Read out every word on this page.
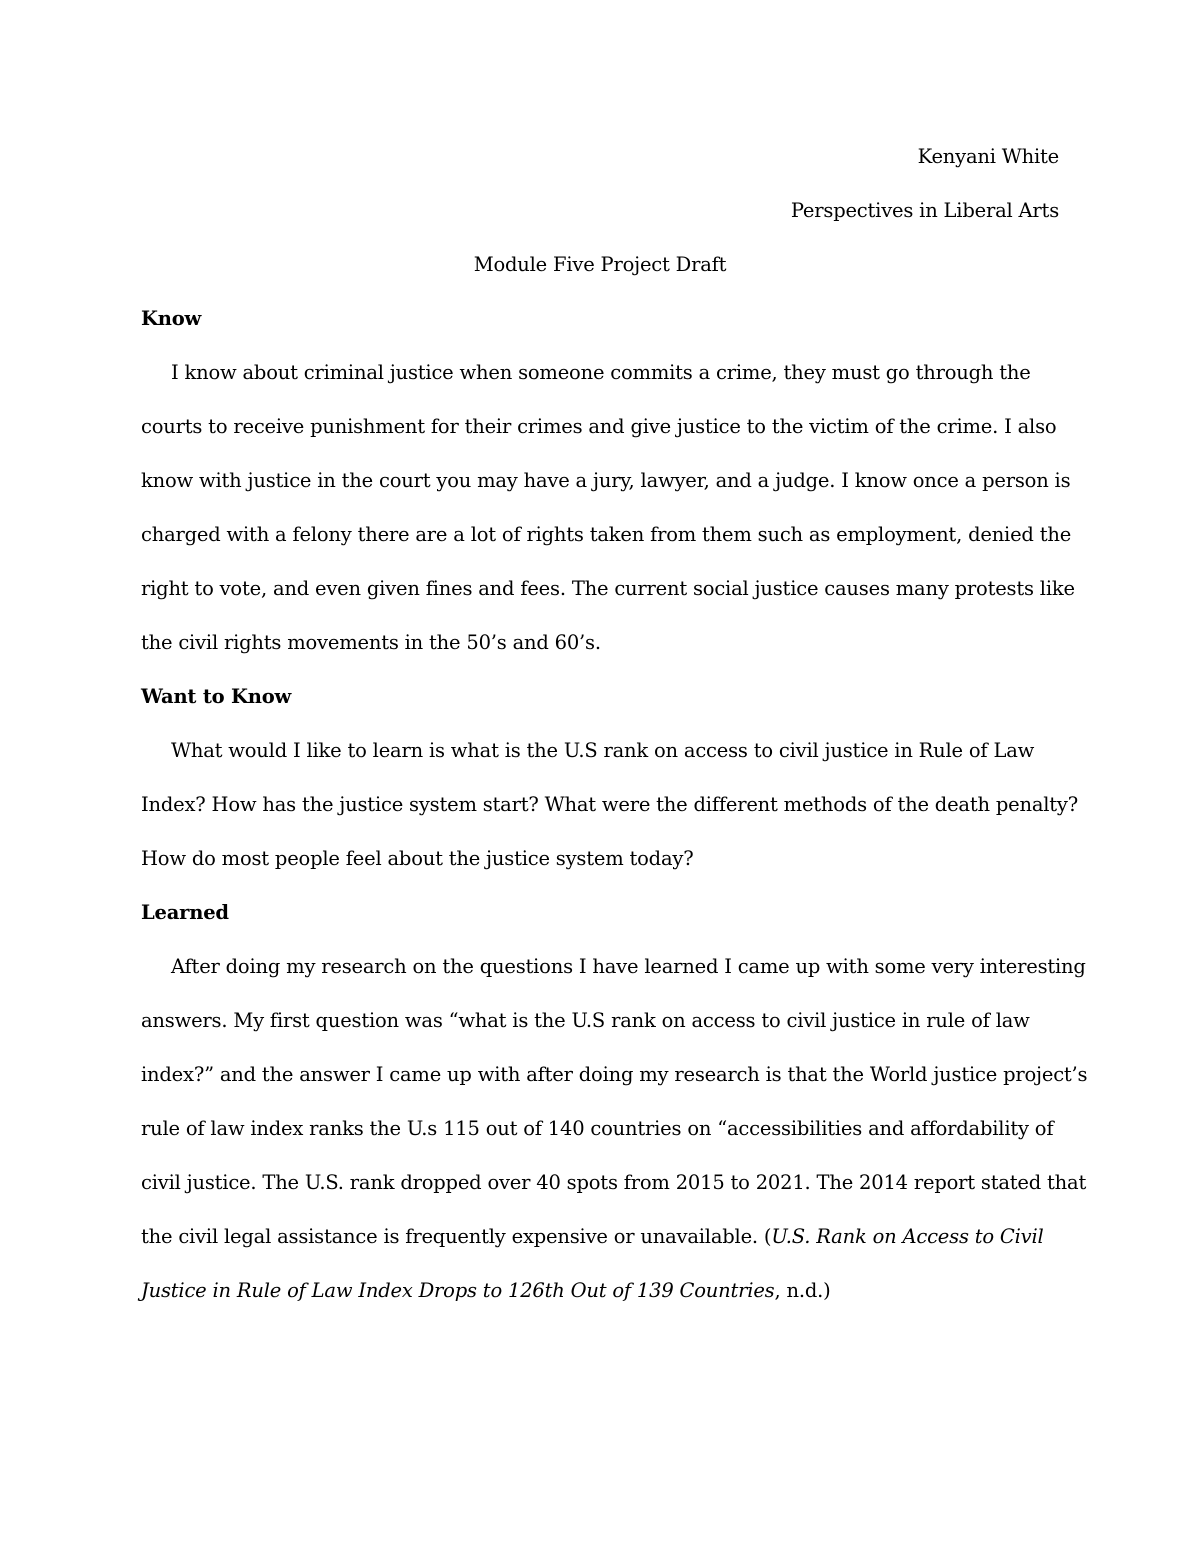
Kenyani White
Perspectives in Liberal Arts
Module Five Project Draft
Know
I know about criminal justice when someone commits a crime, they must go through the
courts to receive punishment for their crimes and give justice to the victim of the crime. I also
know with justice in the court you may have a jury, lawyer, and a judge. I know once a person is
charged with a felony there are a lot of rights taken from them such as employment, denied the
right to vote, and even given fines and fees. The current social justice causes many protests like
the civil rights movements in the 50’s and 60’s.
Want to Know
What would I like to learn is what is the U.S rank on access to civil justice in Rule of Law
Index? How has the justice system start? What were the different methods of the death penalty?
How do most people feel about the justice system today?
Learned
After doing my research on the questions I have learned I came up with some very interesting
answers. My first question was “what is the U.S rank on access to civil justice in rule of law
index?” and the answer I came up with after doing my research is that the World justice project’s
rule of law index ranks the U.s 115 out of 140 countries on “accessibilities and affordability of
civil justice. The U.S. rank dropped over 40 spots from 2015 to 2021. The 2014 report stated that
the civil legal assistance is frequently expensive or unavailable. (U.S. Rank on Access to Civil
Justice in Rule of Law Index Drops to 126th Out of 139 Countries, n.d.)
